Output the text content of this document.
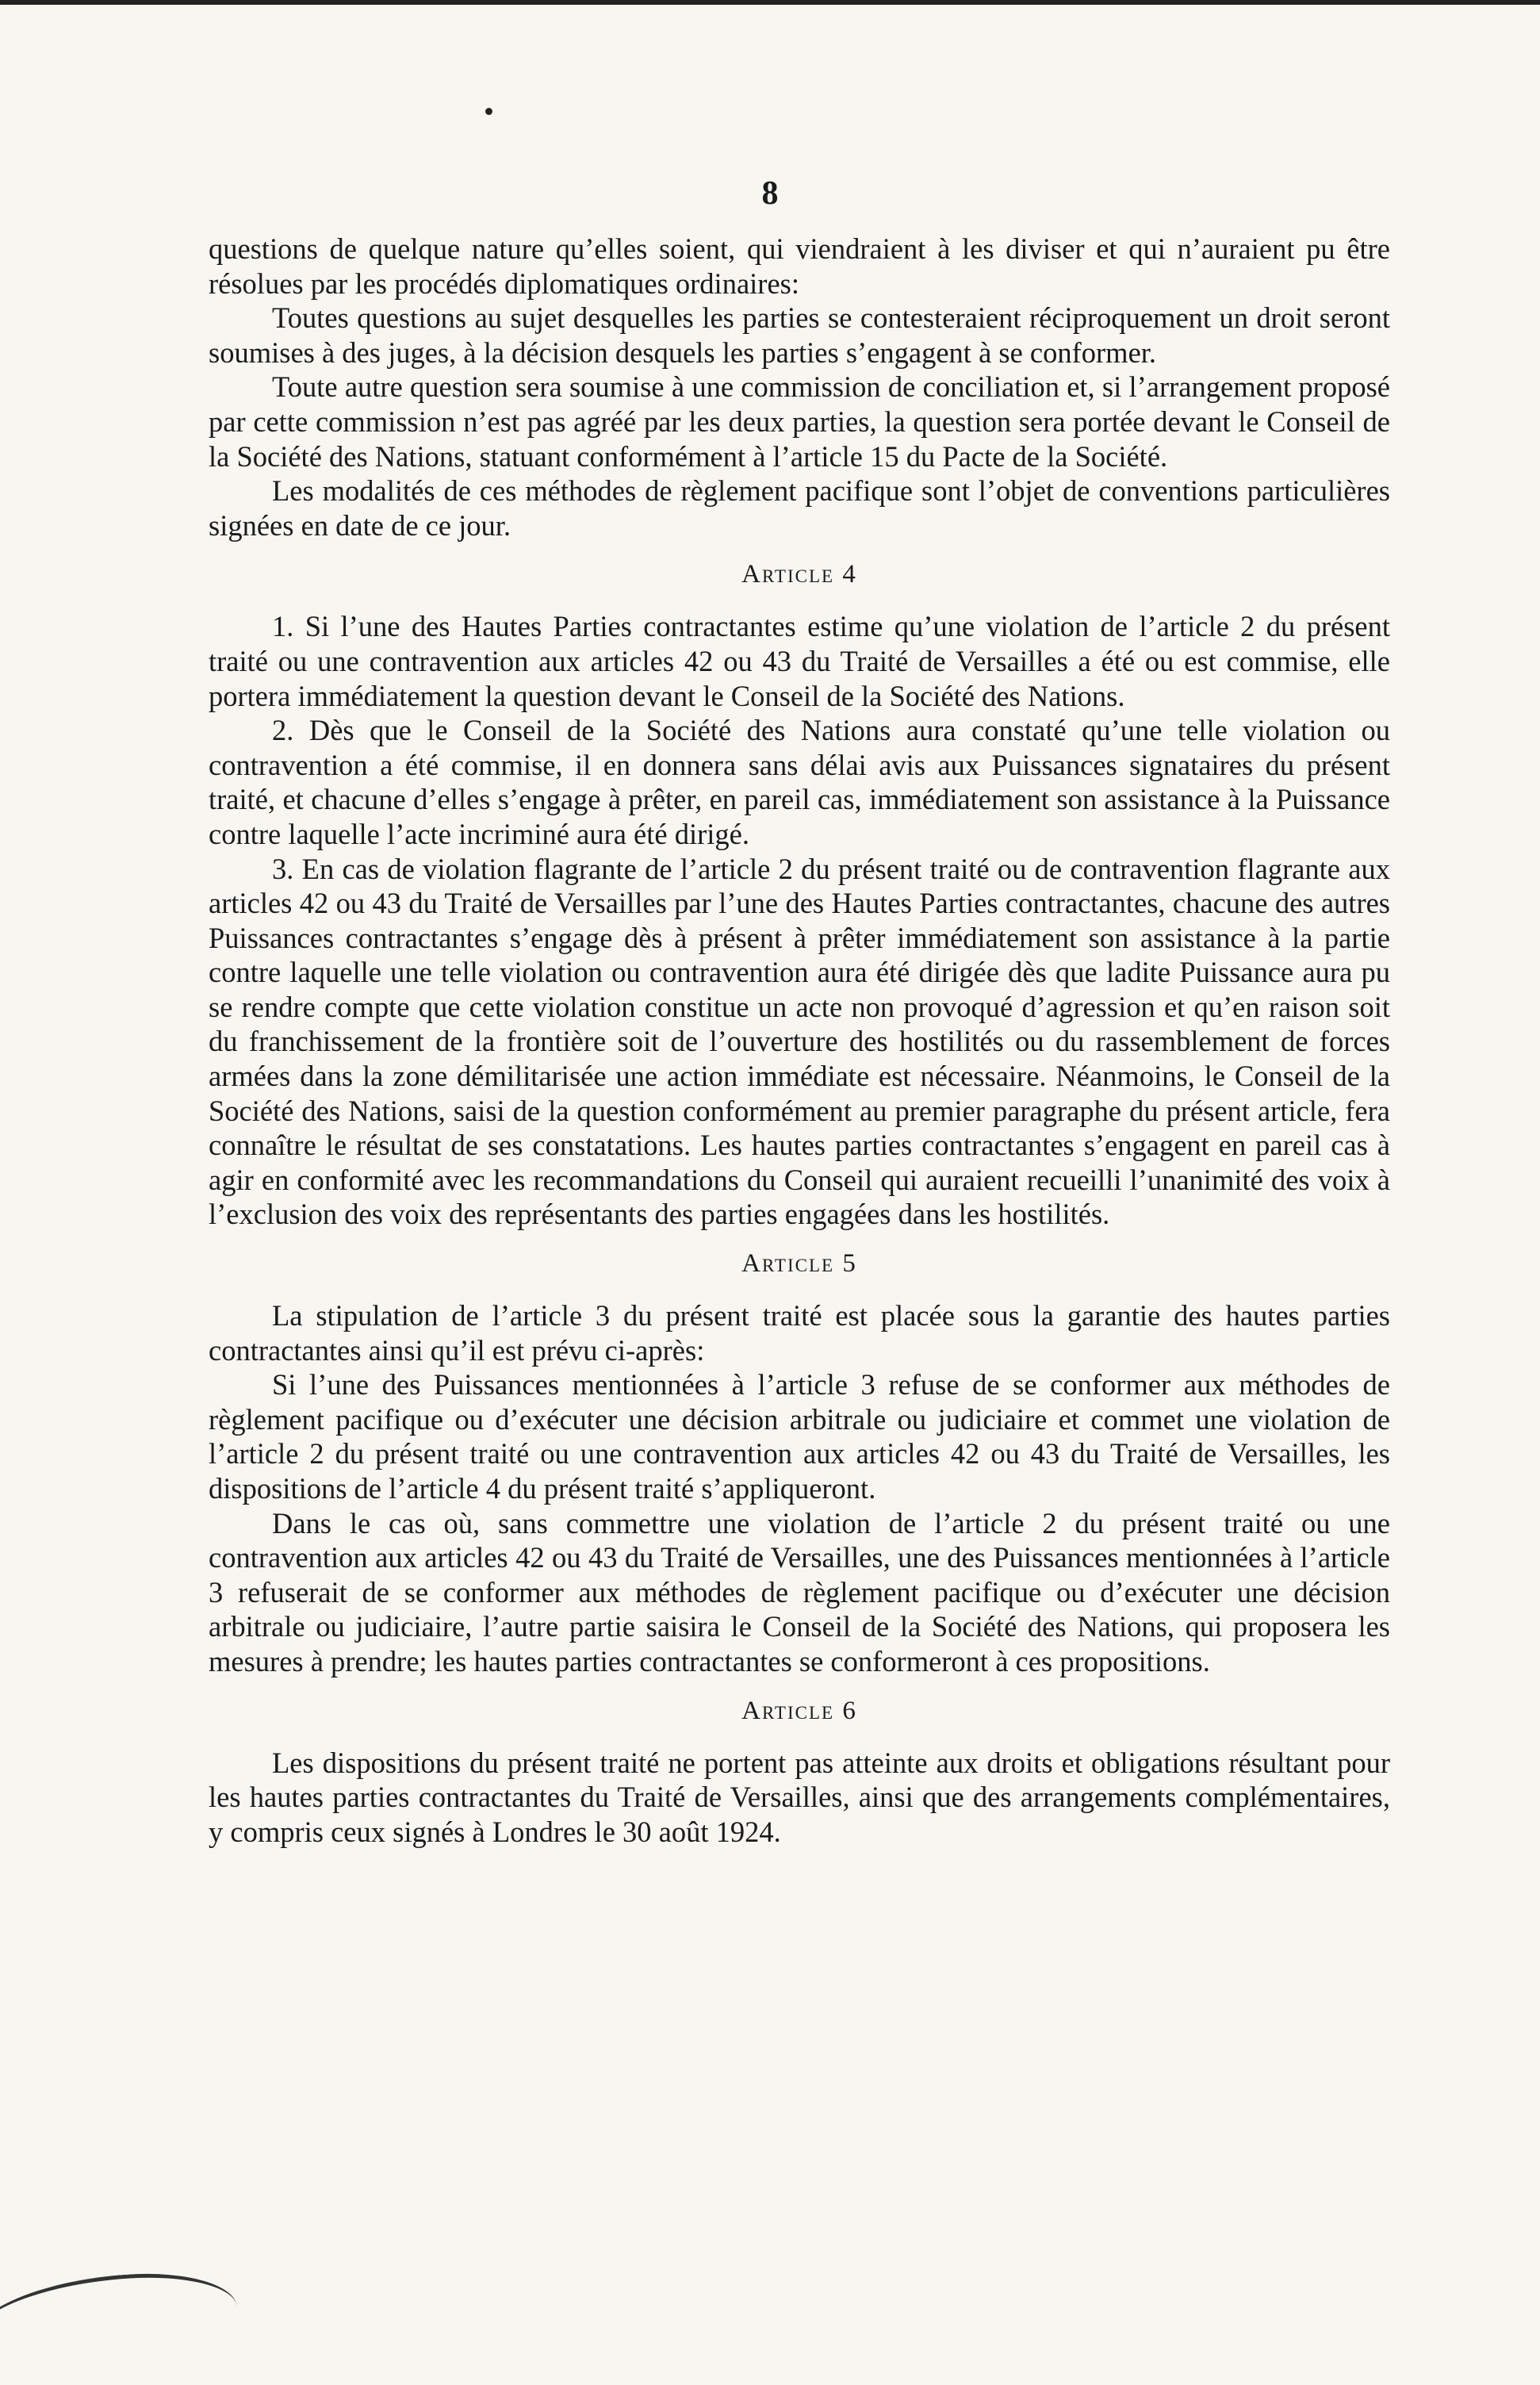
8

questions de quelque nature qu’elles soient, qui viendraient à les diviser et qui n’auraient pu être résolues par les procédés diplomatiques ordinaires:

Toutes questions au sujet desquelles les parties se contesteraient réciproquement un droit seront soumises à des juges, à la décision desquels les parties s’engagent à se conformer.

Toute autre question sera soumise à une commission de conciliation et, si l’arrangement proposé par cette commission n’est pas agréé par les deux parties, la question sera portée devant le Conseil de la Société des Nations, statuant conformément à l’article 15 du Pacte de la Société.

Les modalités de ces méthodes de règlement pacifique sont l’objet de conventions particulières signées en date de ce jour.

Article 4

1. Si l’une des Hautes Parties contractantes estime qu’une violation de l’article 2 du présent traité ou une contravention aux articles 42 ou 43 du Traité de Versailles a été ou est commise, elle portera immédiatement la question devant le Conseil de la Société des Nations.

2. Dès que le Conseil de la Société des Nations aura constaté qu’une telle violation ou contravention a été commise, il en donnera sans délai avis aux Puissances signataires du présent traité, et chacune d’elles s’engage à prêter, en pareil cas, immédiatement son assistance à la Puissance contre laquelle l’acte incriminé aura été dirigé.

3. En cas de violation flagrante de l’article 2 du présent traité ou de contravention flagrante aux articles 42 ou 43 du Traité de Versailles par l’une des Hautes Parties contractantes, chacune des autres Puissances contractantes s’engage dès à présent à prêter immédiatement son assistance à la partie contre laquelle une telle violation ou contravention aura été dirigée dès que ladite Puissance aura pu se rendre compte que cette violation constitue un acte non provoqué d’agression et qu’en raison soit du franchissement de la frontière soit de l’ouverture des hostilités ou du rassemblement de forces armées dans la zone démilitarisée une action immédiate est nécessaire. Néanmoins, le Conseil de la Société des Nations, saisi de la question conformément au premier paragraphe du présent article, fera connaître le résultat de ses constatations. Les hautes parties contractantes s’engagent en pareil cas à agir en conformité avec les recommandations du Conseil qui auraient recueilli l’unanimité des voix à l’exclusion des voix des représentants des parties engagées dans les hostilités.

Article 5

La stipulation de l’article 3 du présent traité est placée sous la garantie des hautes parties contractantes ainsi qu’il est prévu ci-après:

Si l’une des Puissances mentionnées à l’article 3 refuse de se conformer aux méthodes de règlement pacifique ou d’exécuter une décision arbitrale ou judiciaire et commet une violation de l’article 2 du présent traité ou une contravention aux articles 42 ou 43 du Traité de Versailles, les dispositions de l’article 4 du présent traité s’appliqueront.

Dans le cas où, sans commettre une violation de l’article 2 du présent traité ou une contravention aux articles 42 ou 43 du Traité de Versailles, une des Puissances mentionnées à l’article 3 refuserait de se conformer aux méthodes de règlement pacifique ou d’exécuter une décision arbitrale ou judiciaire, l’autre partie saisira le Conseil de la Société des Nations, qui proposera les mesures à prendre; les hautes parties contractantes se conformeront à ces propositions.

Article 6

Les dispositions du présent traité ne portent pas atteinte aux droits et obligations résultant pour les hautes parties contractantes du Traité de Versailles, ainsi que des arrangements complémentaires, y compris ceux signés à Londres le 30 août 1924.
